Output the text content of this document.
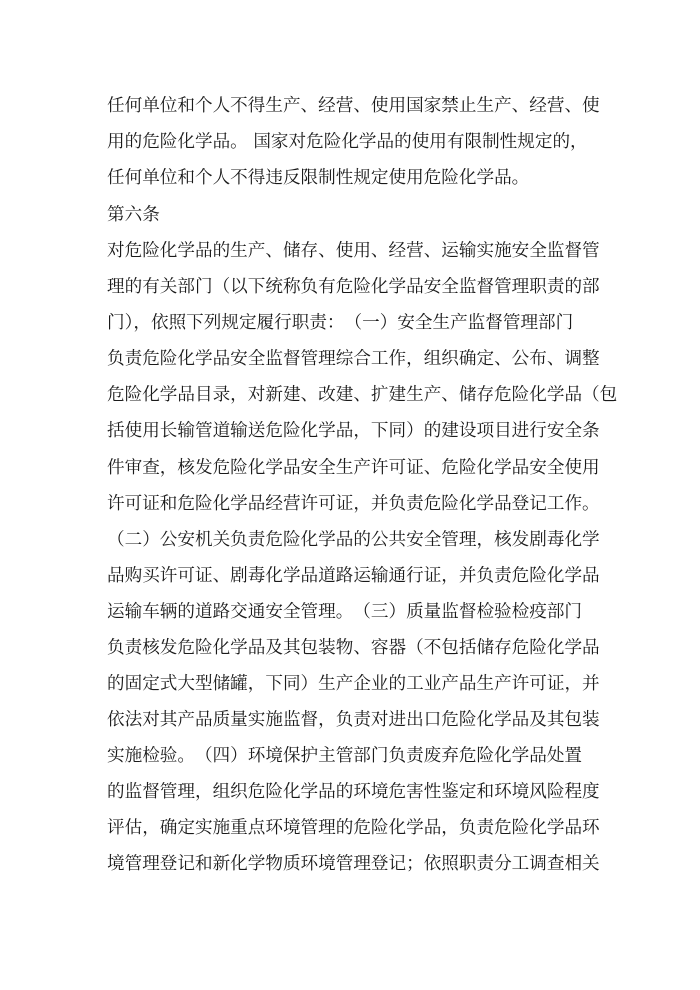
任何单位和个人不得生产、经营、使用国家禁止生产、经营、使
用的危险化学品。 国家对危险化学品的使用有限制性规定的，
任何单位和个人不得违反限制性规定使用危险化学品。
第六条
对危险化学品的生产、储存、使用、经营、运输实施安全监督管
理的有关部门（以下统称负有危险化学品安全监督管理职责的部
门），依照下列规定履行职责：　（一）安全生产监督管理部门
负责危险化学品安全监督管理综合工作，组织确定、公布、调整
危险化学品目录，对新建、改建、扩建生产、储存危险化学品（包
括使用长输管道输送危险化学品，下同）的建设项目进行安全条
件审查，核发危险化学品安全生产许可证、危险化学品安全使用
许可证和危险化学品经营许可证，并负责危险化学品登记工作。
（二）公安机关负责危险化学品的公共安全管理，核发剧毒化学
品购买许可证、剧毒化学品道路运输通行证，并负责危险化学品
运输车辆的道路交通安全管理。　（三）质量监督检验检疫部门
负责核发危险化学品及其包装物、容器（不包括储存危险化学品
的固定式大型储罐，下同）生产企业的工业产品生产许可证，并
依法对其产品质量实施监督，负责对进出口危险化学品及其包装
实施检验。　（四）环境保护主管部门负责废弃危险化学品处置
的监督管理，组织危险化学品的环境危害性鉴定和环境风险程度
评估，确定实施重点环境管理的危险化学品，负责危险化学品环
境管理登记和新化学物质环境管理登记；依照职责分工调查相关
